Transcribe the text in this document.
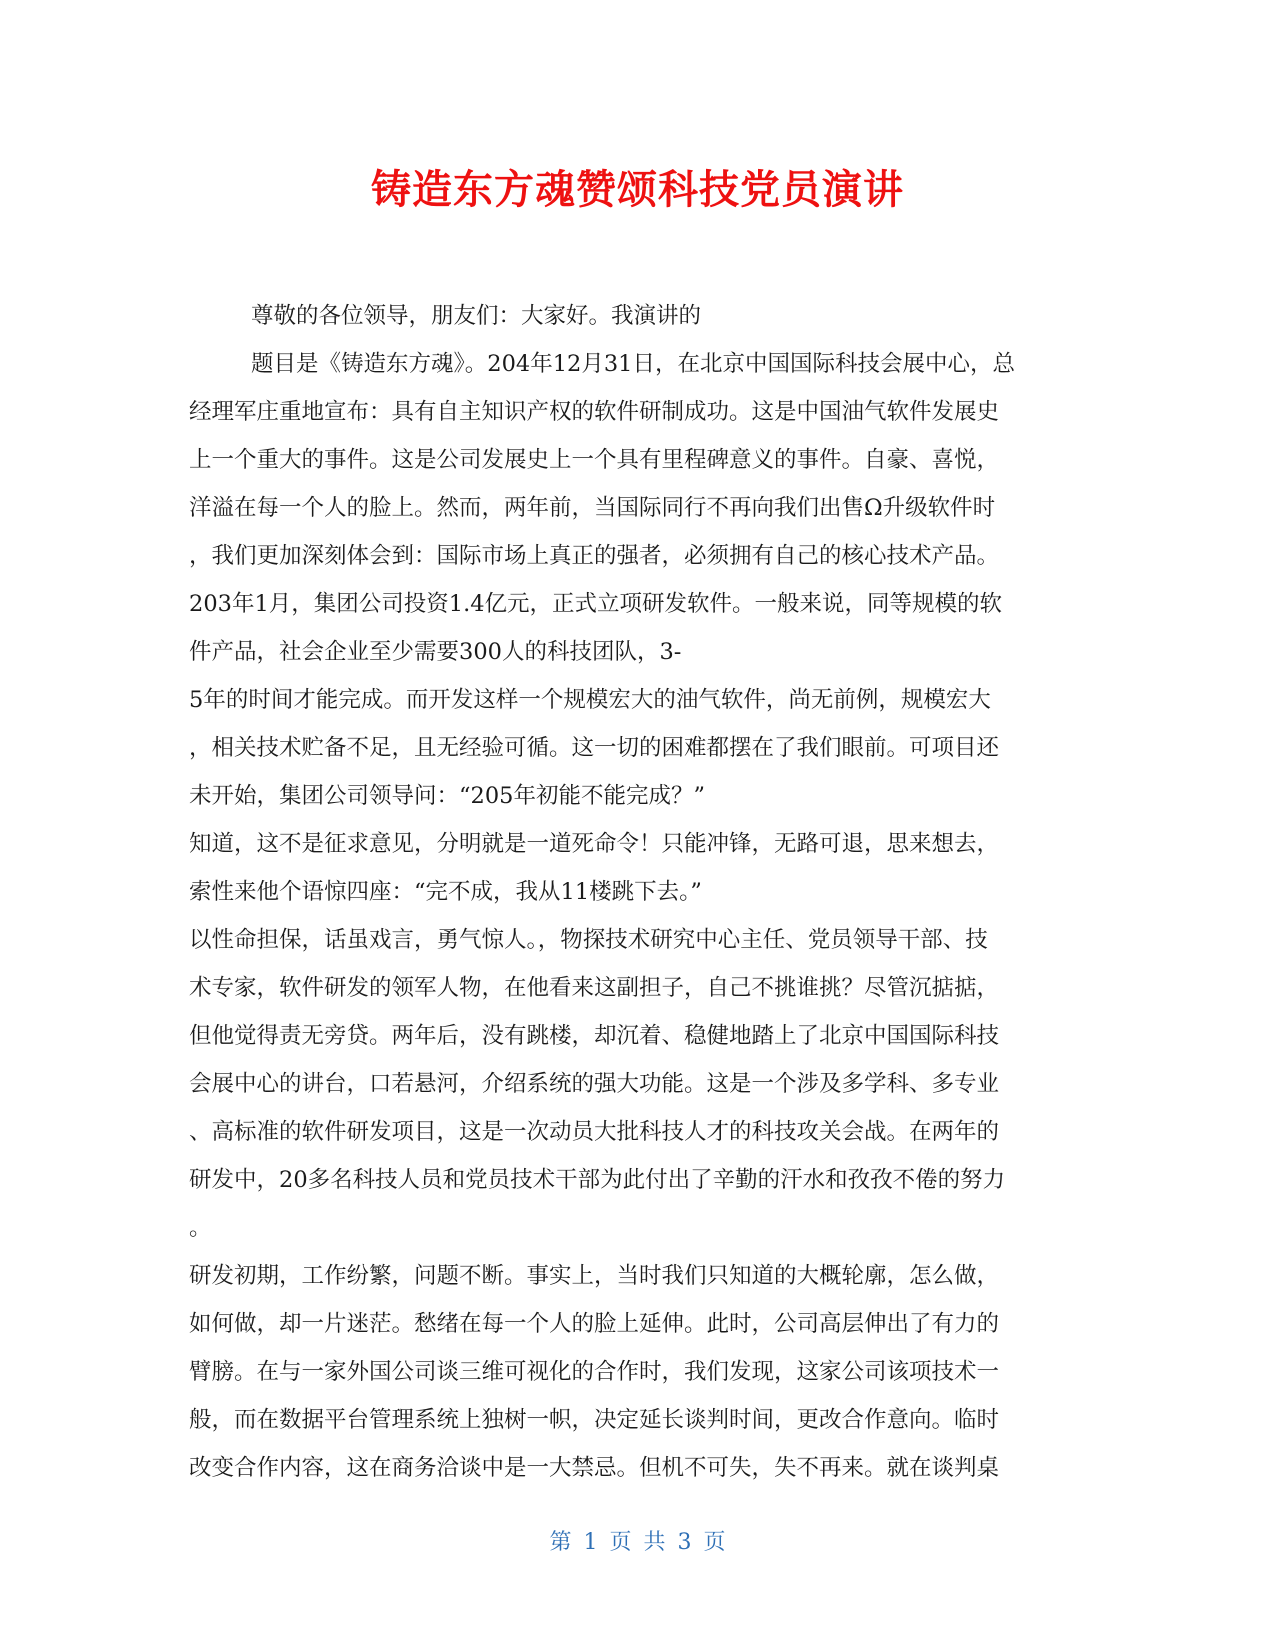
铸造东方魂赞颂科技党员演讲
尊敬的各位领导，朋友们：大家好。我演讲的
题目是《铸造东方魂》。204年12月31日，在北京中国国际科技会展中心，总
经理军庄重地宣布：具有自主知识产权的软件研制成功。这是中国油气软件发展史
上一个重大的事件。这是公司发展史上一个具有里程碑意义的事件。自豪、喜悦，
洋溢在每一个人的脸上。然而，两年前，当国际同行不再向我们出售Ω升级软件时
，我们更加深刻体会到：国际市场上真正的强者，必须拥有自己的核心技术产品。
203年1月，集团公司投资1.4亿元，正式立项研发软件。一般来说，同等规模的软
件产品，社会企业至少需要300人的科技团队，3-
5年的时间才能完成。而开发这样一个规模宏大的油气软件，尚无前例，规模宏大
，相关技术贮备不足，且无经验可循。这一切的困难都摆在了我们眼前。可项目还
未开始，集团公司领导问：“205年初能不能完成？”
知道，这不是征求意见，分明就是一道死命令！只能冲锋，无路可退，思来想去，
索性来他个语惊四座：“完不成，我从11楼跳下去。”
以性命担保，话虽戏言，勇气惊人。，物探技术研究中心主任、党员领导干部、技
术专家，软件研发的领军人物，在他看来这副担子，自己不挑谁挑？尽管沉掂掂，
但他觉得责无旁贷。两年后，没有跳楼，却沉着、稳健地踏上了北京中国国际科技
会展中心的讲台，口若悬河，介绍系统的强大功能。这是一个涉及多学科、多专业
、高标准的软件研发项目，这是一次动员大批科技人才的科技攻关会战。在两年的
研发中，20多名科技人员和党员技术干部为此付出了辛勤的汗水和孜孜不倦的努力
。
研发初期，工作纷繁，问题不断。事实上，当时我们只知道的大概轮廓，怎么做，
如何做，却一片迷茫。愁绪在每一个人的脸上延伸。此时，公司高层伸出了有力的
臂膀。在与一家外国公司谈三维可视化的合作时，我们发现，这家公司该项技术一
般，而在数据平台管理系统上独树一帜，决定延长谈判时间，更改合作意向。临时
改变合作内容，这在商务洽谈中是一大禁忌。但机不可失，失不再来。就在谈判桌
第 1 页 共 3 页
